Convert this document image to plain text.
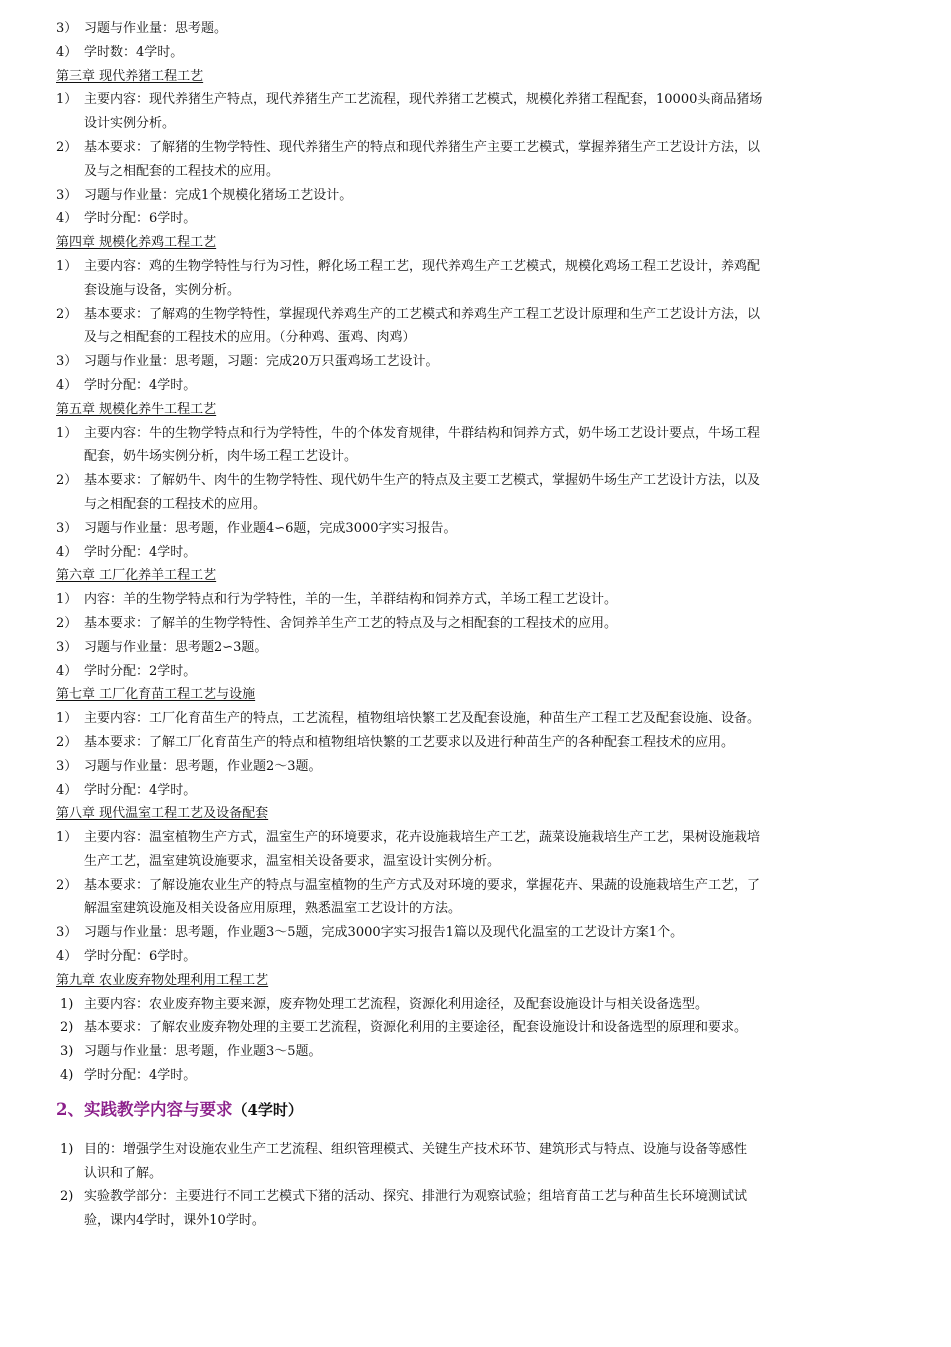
3） 习题与作业量：思考题。
4） 学时数：4学时。
第三章 现代养猪工程工艺
1） 主要内容：现代养猪生产特点，现代养猪生产工艺流程，现代养猪工艺模式，规模化养猪工程配套，10000头商品猪场
设计实例分析。
2） 基本要求：了解猪的生物学特性、现代养猪生产的特点和现代养猪生产主要工艺模式，掌握养猪生产工艺设计方法，以
及与之相配套的工程技术的应用。
3） 习题与作业量：完成1个规模化猪场工艺设计。
4） 学时分配：6学时。
第四章 规模化养鸡工程工艺
1） 主要内容：鸡的生物学特性与行为习性，孵化场工程工艺，现代养鸡生产工艺模式，规模化鸡场工程工艺设计，养鸡配
套设施与设备，实例分析。
2） 基本要求：了解鸡的生物学特性，掌握现代养鸡生产的工艺模式和养鸡生产工程工艺设计原理和生产工艺设计方法，以
及与之相配套的工程技术的应用。（分种鸡、蛋鸡、肉鸡）
3） 习题与作业量：思考题，习题：完成20万只蛋鸡场工艺设计。
4） 学时分配：4学时。
第五章 规模化养牛工程工艺
1） 主要内容：牛的生物学特点和行为学特性，牛的个体发育规律，牛群结构和饲养方式，奶牛场工艺设计要点，牛场工程
配套，奶牛场实例分析，肉牛场工程工艺设计。
2） 基本要求：了解奶牛、肉牛的生物学特性、现代奶牛生产的特点及主要工艺模式，掌握奶牛场生产工艺设计方法，以及
与之相配套的工程技术的应用。
3） 习题与作业量：思考题，作业题4∽6题，完成3000字实习报告。
4） 学时分配：4学时。
第六章 工厂化养羊工程工艺
1） 内容：羊的生物学特点和行为学特性，羊的一生，羊群结构和饲养方式，羊场工程工艺设计。
2） 基本要求：了解羊的生物学特性、舍饲养羊生产工艺的特点及与之相配套的工程技术的应用。
3） 习题与作业量：思考题2∽3题。
4） 学时分配：2学时。
第七章 工厂化育苗工程工艺与设施
1） 主要内容：工厂化育苗生产的特点，工艺流程，植物组培快繁工艺及配套设施，种苗生产工程工艺及配套设施、设备。
2） 基本要求：了解工厂化育苗生产的特点和植物组培快繁的工艺要求以及进行种苗生产的各种配套工程技术的应用。
3） 习题与作业量：思考题，作业题2～3题。
4） 学时分配：4学时。
第八章 现代温室工程工艺及设备配套
1） 主要内容：温室植物生产方式，温室生产的环境要求，花卉设施栽培生产工艺，蔬菜设施栽培生产工艺，果树设施栽培
生产工艺，温室建筑设施要求，温室相关设备要求，温室设计实例分析。
2） 基本要求：了解设施农业生产的特点与温室植物的生产方式及对环境的要求，掌握花卉、果蔬的设施栽培生产工艺，了
解温室建筑设施及相关设备应用原理，熟悉温室工艺设计的方法。
3） 习题与作业量：思考题，作业题3～5题，完成3000字实习报告1篇以及现代化温室的工艺设计方案1个。
4） 学时分配：6学时。
第九章 农业废弃物处理利用工程工艺
1) 主要内容：农业废弃物主要来源，废弃物处理工艺流程，资源化利用途径，及配套设施设计与相关设备选型。
2) 基本要求：了解农业废弃物处理的主要工艺流程，资源化利用的主要途径，配套设施设计和设备选型的原理和要求。
3) 习题与作业量：思考题，作业题3～5题。
4) 学时分配：4学时。
2、实践教学内容与要求（4学时）
1) 目的：增强学生对设施农业生产工艺流程、组织管理模式、关键生产技术环节、建筑形式与特点、设施与设备等感性
认识和了解。
2) 实验教学部分：主要进行不同工艺模式下猪的活动、探究、排泄行为观察试验；组培育苗工艺与种苗生长环境测试试
验，课内4学时，课外10学时。
